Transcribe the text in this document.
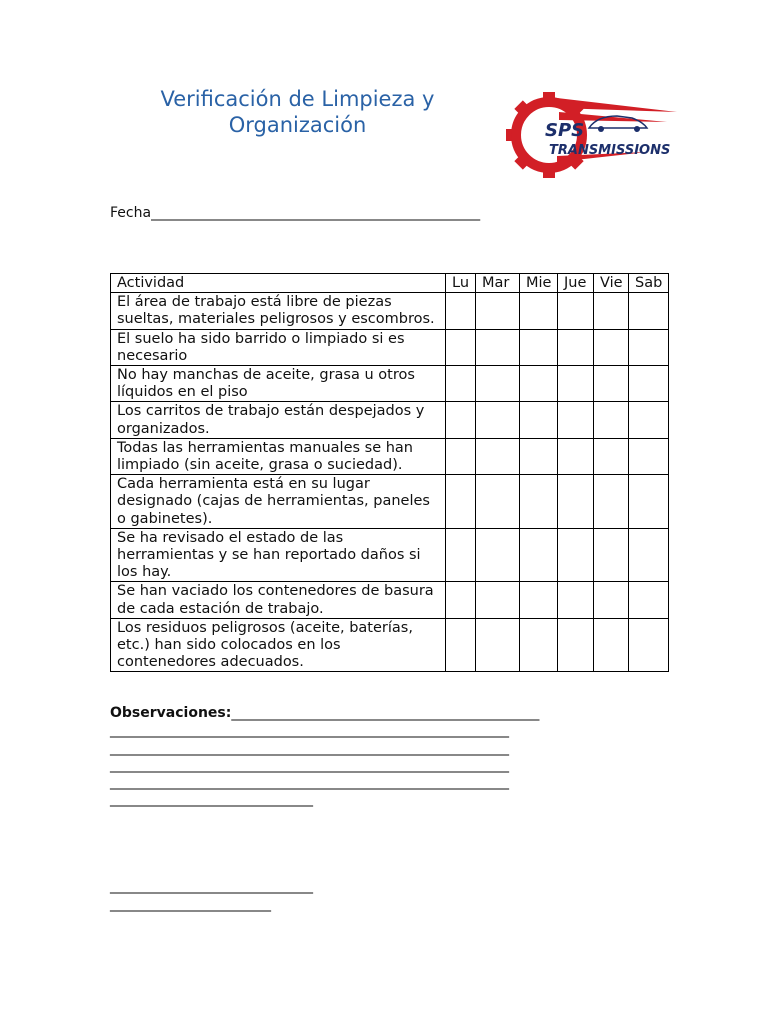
Verificación de Limpieza y Organización	SPS
TRANSMISSIONS
Fecha_______________________________________________
Actividad	Lu	Mar	Mie	Jue	Vie	Sab
El área de trabajo está libre de piezas sueltas, materiales peligrosos y escombros.						
El suelo ha sido barrido o limpiado si es necesario						
No hay manchas de aceite, grasa u otros líquidos en el piso						
Los carritos de trabajo están despejados y organizados.						
Todas las herramientas manuales se han limpiado (sin aceite, grasa o suciedad).						
Cada herramienta está en su lugar designado (cajas de herramientas, paneles o gabinetes).						
Se ha revisado el estado de las herramientas y se han reportado daños si los hay.						
Se han vaciado los contenedores de basura de cada estación de trabajo.						
Los residuos peligrosos (aceite, baterías, etc.) han sido colocados en los contenedores adecuados.						
Observaciones:____________________________________________
_________________________________________________________
_________________________________________________________
_________________________________________________________
_________________________________________________________
_____________________________
_____________________________
_______________________
